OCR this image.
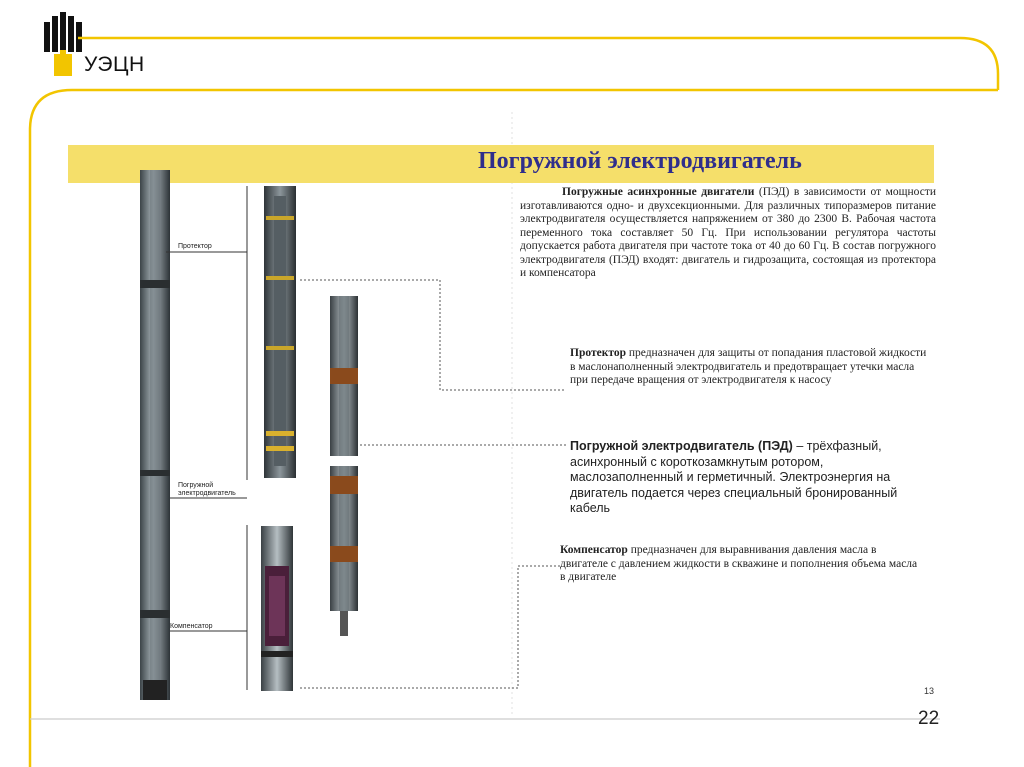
УЭЦН
Погружной электродвигатель
Протектор
Погружной
электродвигатель
Компенсатор
Погружные асинхронные двигатели (ПЭД) в зависимости от мощности изготавливаются одно- и двухсекционными. Для различных типоразмеров питание электродвигателя осуществляется напряжением от 380 до 2300 В. Рабочая частота переменного тока составляет 50 Гц. При использовании регулятора частоты допускается работа двигателя при частоте тока от 40 до 60 Гц. В состав погружного электродвигателя (ПЭД) входят: двигатель и гидрозащита, состоящая из протектора и компенсатора
Протектор предназначен для защиты от попадания пластовой жидкости в маслонаполненный электродвигатель и предотвращает утечки масла при передаче вращения от электродвигателя к насосу
Погружной электродвигатель (ПЭД) – трёхфазный, асинхронный с короткозамкнутым ротором, маслозаполненный и герметичный. Электроэнергия на двигатель подается через специальный бронированный кабель
Компенсатор предназначен для выравнивания давления масла в двигателе с давлением жидкости в скважине и пополнения объема масла в двигателе
13
22
